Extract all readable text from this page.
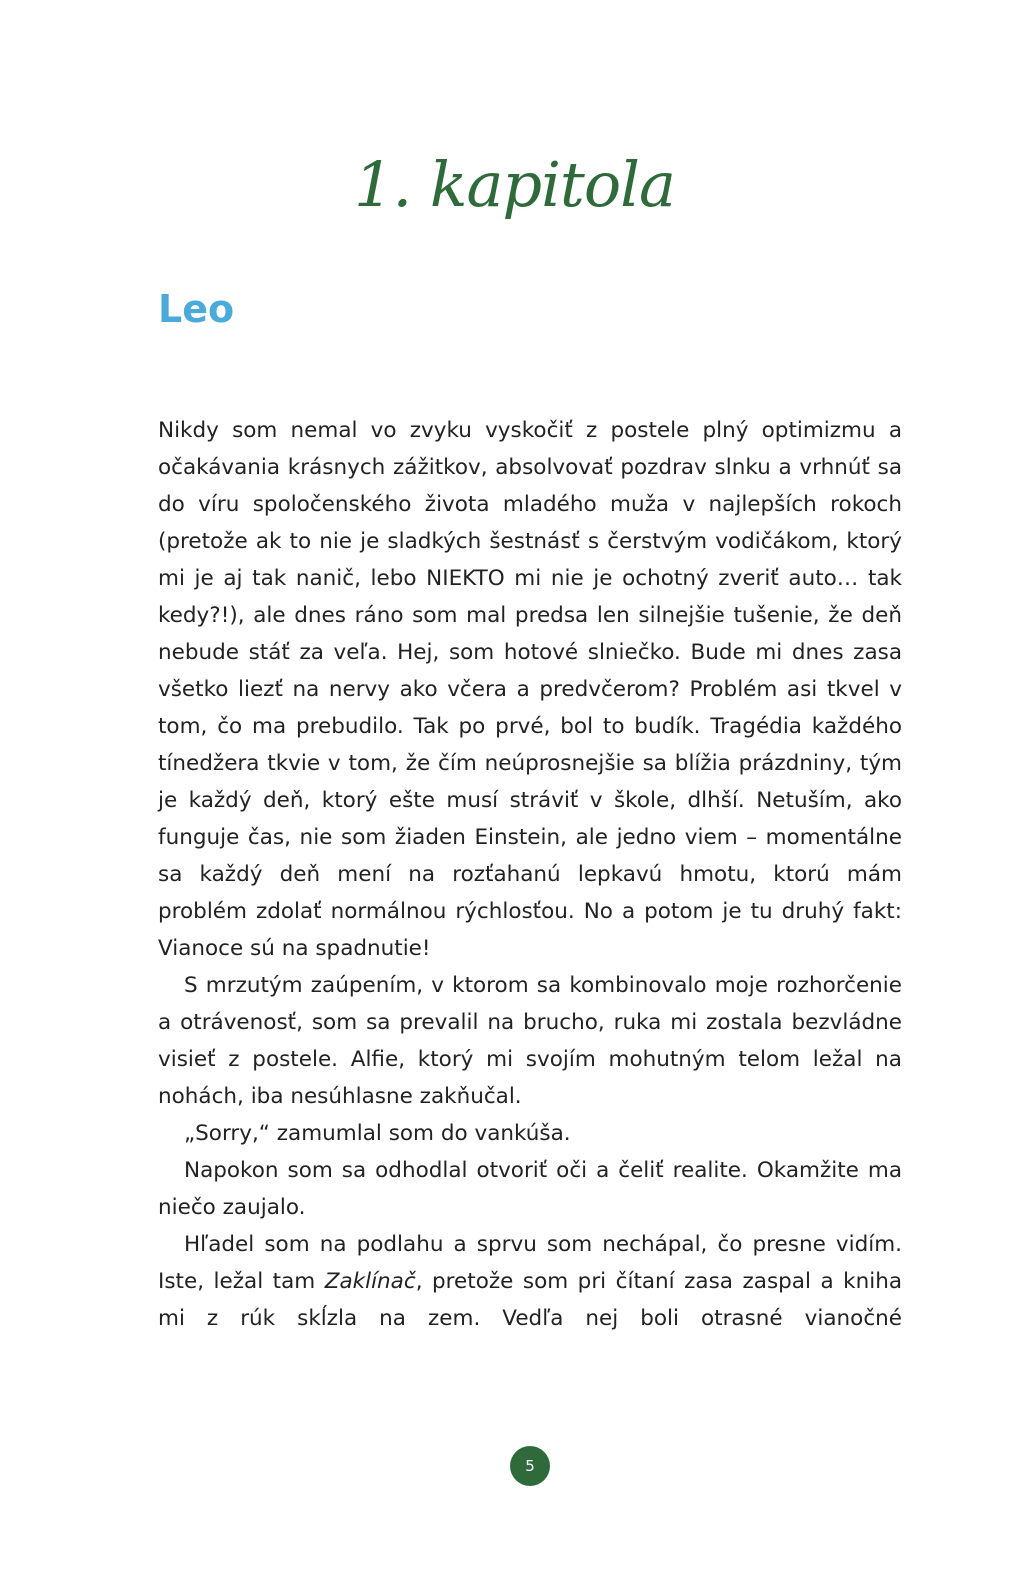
1. kapitola
Leo

Nikdy som nemal vo zvyku vyskočiť z postele plný optimizmu a očakávania krásnych zážitkov, absolvovať pozdrav slnku a vrhnúť sa do víru spoločenského života mladého muža v najlepších rokoch (pretože ak to nie je sladkých šestnásť s čerstvým vodičákom, ktorý mi je aj tak nanič, lebo NIEKTO mi nie je ochotný zveriť auto… tak kedy?!), ale dnes ráno som mal predsa len silnejšie tušenie, že deň nebude stáť za veľa. Hej, som hotové slniečko. Bude mi dnes zasa všetko liezť na nervy ako včera a predvčerom? Problém asi tkvel v tom, čo ma prebudilo. Tak po prvé, bol to budík. Tragédia každého tínedžera tkvie v tom, že čím neúprosnejšie sa blížia prázdniny, tým je každý deň, ktorý ešte musí stráviť v škole, dlhší. Netuším, ako funguje čas, nie som žiaden Einstein, ale jedno viem – momentálne sa každý deň mení na rozťahanú lepkavú hmotu, ktorú mám problém zdolať normálnou rýchlosťou. No a potom je tu druhý fakt: Vianoce sú na spadnutie!

S mrzutým zaúpením, v ktorom sa kombinovalo moje rozhorčenie a otrávenosť, som sa prevalil na brucho, ruka mi zostala bezvládne visieť z postele. Alfie, ktorý mi svojím mohutným telom ležal na nohách, iba nesúhlasne zakňučal.

„Sorry,“ zamumlal som do vankúša.

Napokon som sa odhodlal otvoriť oči a čeliť realite. Okamžite ma niečo zaujalo.

Hľadel som na podlahu a sprvu som nechápal, čo presne vidím. Iste, ležal tam Zaklínač, pretože som pri čítaní zasa zaspal a kniha mi z rúk skĺzla na zem. Vedľa nej boli otrasné vianočné

5
